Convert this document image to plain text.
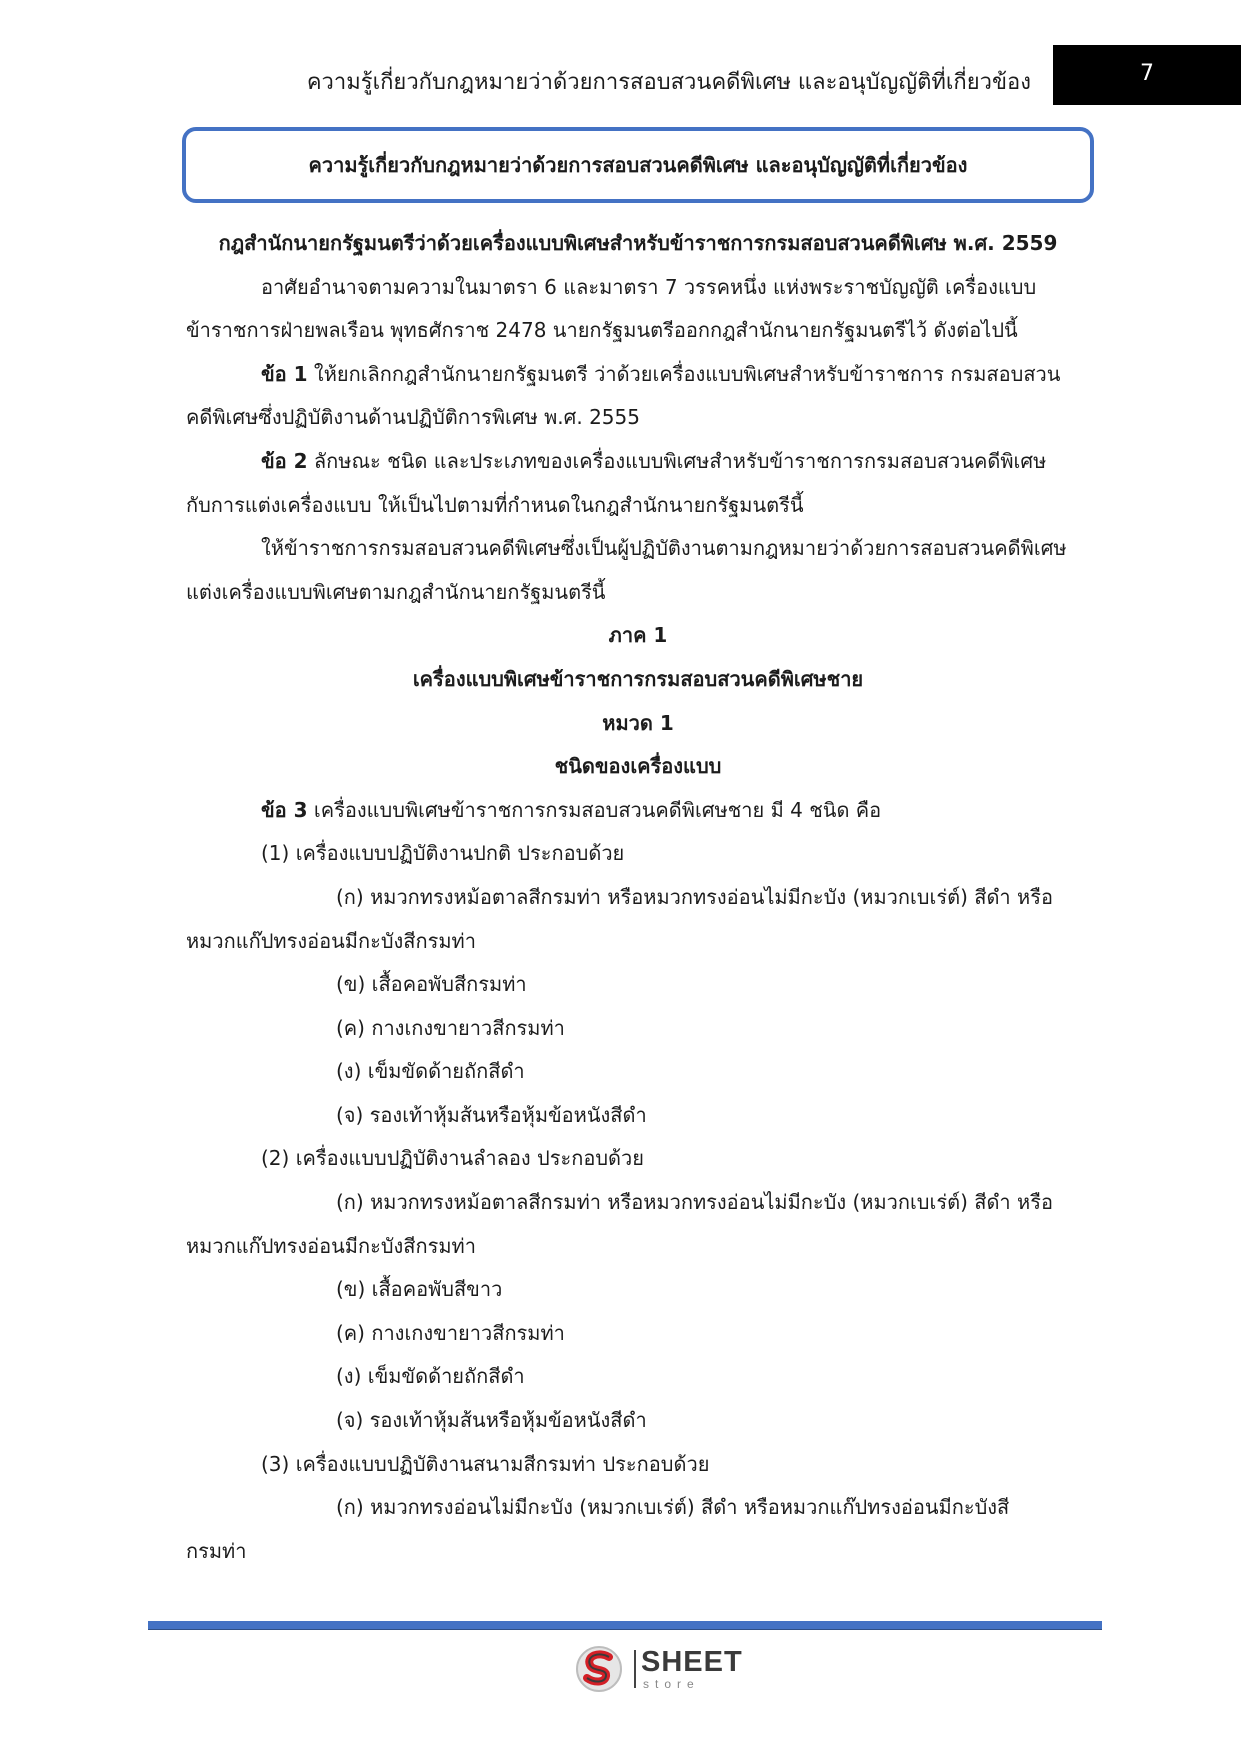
ความรู้เกี่ยวกับกฎหมายว่าด้วยการสอบสวนคดีพิเศษ และอนุบัญญัติที่เกี่ยวข้อง	7
ความรู้เกี่ยวกับกฎหมายว่าด้วยการสอบสวนคดีพิเศษ และอนุบัญญัติที่เกี่ยวข้อง
กฎสำนักนายกรัฐมนตรีว่าด้วยเครื่องแบบพิเศษสำหรับข้าราชการกรมสอบสวนคดีพิเศษ พ.ศ. 2559
อาศัยอำนาจตามความในมาตรา 6 และมาตรา 7 วรรคหนึ่ง แห่งพระราชบัญญัติ เครื่องแบบ
ข้าราชการฝ่ายพลเรือน พุทธศักราช 2478 นายกรัฐมนตรีออกกฎสำนักนายกรัฐมนตรีไว้ ดังต่อไปนี้
ข้อ 1 ให้ยกเลิกกฎสำนักนายกรัฐมนตรี ว่าด้วยเครื่องแบบพิเศษสำหรับข้าราชการ กรมสอบสวน
คดีพิเศษซึ่งปฏิบัติงานด้านปฏิบัติการพิเศษ พ.ศ. 2555
ข้อ 2 ลักษณะ ชนิด และประเภทของเครื่องแบบพิเศษสำหรับข้าราชการกรมสอบสวนคดีพิเศษ
กับการแต่งเครื่องแบบ ให้เป็นไปตามที่กำหนดในกฎสำนักนายกรัฐมนตรีนี้
ให้ข้าราชการกรมสอบสวนคดีพิเศษซึ่งเป็นผู้ปฏิบัติงานตามกฎหมายว่าด้วยการสอบสวนคดีพิเศษ
แต่งเครื่องแบบพิเศษตามกฎสำนักนายกรัฐมนตรีนี้
ภาค 1
เครื่องแบบพิเศษข้าราชการกรมสอบสวนคดีพิเศษชาย
หมวด 1
ชนิดของเครื่องแบบ
ข้อ 3 เครื่องแบบพิเศษข้าราชการกรมสอบสวนคดีพิเศษชาย มี 4 ชนิด คือ
(1) เครื่องแบบปฏิบัติงานปกติ ประกอบด้วย
(ก) หมวกทรงหม้อตาลสีกรมท่า หรือหมวกทรงอ่อนไม่มีกะบัง (หมวกเบเร่ต์) สีดำ หรือ
หมวกแก๊ปทรงอ่อนมีกะบังสีกรมท่า
(ข) เสื้อคอพับสีกรมท่า
(ค) กางเกงขายาวสีกรมท่า
(ง) เข็มขัดด้ายถักสีดำ
(จ) รองเท้าหุ้มส้นหรือหุ้มข้อหนังสีดำ
(2) เครื่องแบบปฏิบัติงานลำลอง ประกอบด้วย
(ก) หมวกทรงหม้อตาลสีกรมท่า หรือหมวกทรงอ่อนไม่มีกะบัง (หมวกเบเร่ต์) สีดำ หรือ
หมวกแก๊ปทรงอ่อนมีกะบังสีกรมท่า
(ข) เสื้อคอพับสีขาว
(ค) กางเกงขายาวสีกรมท่า
(ง) เข็มขัดด้ายถักสีดำ
(จ) รองเท้าหุ้มส้นหรือหุ้มข้อหนังสีดำ
(3) เครื่องแบบปฏิบัติงานสนามสีกรมท่า ประกอบด้วย
(ก) หมวกทรงอ่อนไม่มีกะบัง (หมวกเบเร่ต์) สีดำ หรือหมวกแก๊ปทรงอ่อนมีกะบังสี
กรมท่า
SHEET
store
